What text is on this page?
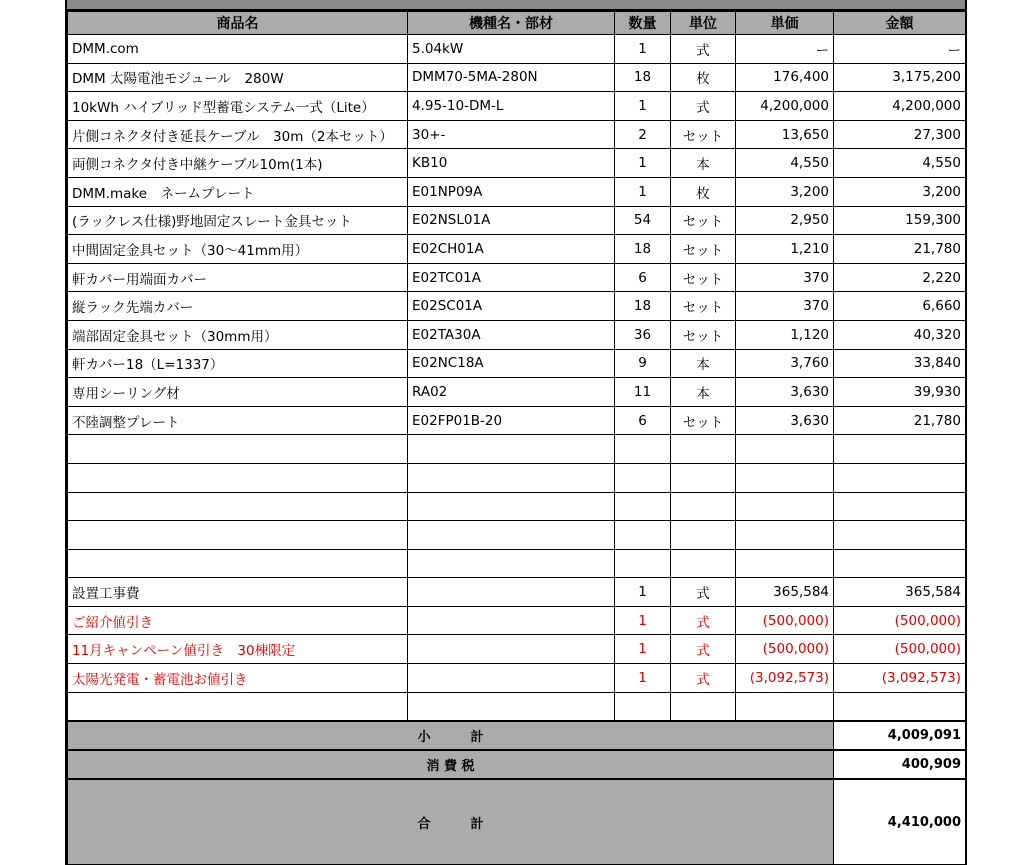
商品名	機種名・部材	数量	単位	単価	金額
DMM.com	5.04kW	1	式	ー	ー
DMM 太陽電池モジュール　280W	DMM70-5MA-280N	18	枚	176,400	3,175,200
10kWh ハイブリッド型蓄電システム一式（Lite）	4.95-10-DM-L	1	式	4,200,000	4,200,000
片側コネクタ付き延長ケーブル　30m（2本セット）	30+-	2	セット	13,650	27,300
両側コネクタ付き中継ケーブル10m(1本)	KB10	1	本	4,550	4,550
DMM.make　ネームプレート	E01NP09A	1	枚	3,200	3,200
(ラックレス仕様)野地固定スレート金具セット	E02NSL01A	54	セット	2,950	159,300
中間固定金具セット（30～41mm用）	E02CH01A	18	セット	1,210	21,780
軒カバー用端面カバー	E02TC01A	6	セット	370	2,220
縦ラック先端カバー	E02SC01A	18	セット	370	6,660
端部固定金具セット（30mm用）	E02TA30A	36	セット	1,120	40,320
軒カバー18（L=1337）	E02NC18A	9	本	3,760	33,840
専用シーリング材	RA02	11	本	3,630	39,930
不陸調整プレート	E02FP01B-20	6	セット	3,630	21,780

設置工事費		1	式	365,584	365,584
ご紹介値引き		1	式	(500,000)	(500,000)
11月キャンペーン値引き　30棟限定		1	式	(500,000)	(500,000)
太陽光発電・蓄電池お値引き		1	式	(3,092,573)	(3,092,573)

小 計					4,009,091
消 費 税					400,909
合 計					4,410,000
